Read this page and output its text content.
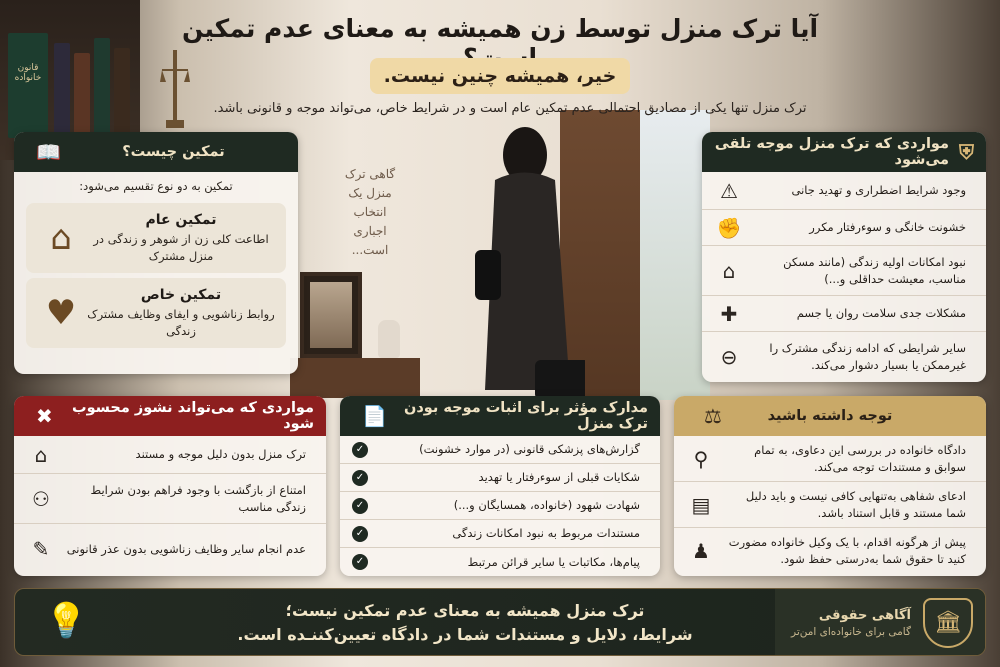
قانون خانواده
گاهی ترک منزل یک انتخاب اجباری است...
آیا ترک منزل توسط زن همیشه به معنای عدم تمکین
خیر، همیشه چنین نیست.
ترک منزل تنها یکی از مصادیق احتمالی عدم تمکین عام است و در شرایط خاص، می‌تواند موجه و قانونی باشد.
تمکین چیست؟
📖
تمکین به دو نوع تقسیم می‌شود:
تمکین عام
اطاعت کلی زن از شوهر و زندگی در منزل مشترک
⌂
تمکین خاص
روابط زناشویی و ایفای وظایف مشترک زندگی
♥
⛨
مواردی که ترک منزل موجه تلقی می‌شود
وجود شرایط اضطراری و تهدید جانی
⚠
خشونت خانگی و سوءرفتار مکرر
✊
نبود امکانات اولیه زندگی (مانند مسکن مناسب، معیشت حداقلی و...)
⌂
مشکلات جدی سلامت روان یا جسم
✚
سایر شرایطی که ادامه زندگی مشترک را غیرممکن یا بسیار دشوار می‌کند.
⊖
مواردی که می‌تواند نشوز محسوب شود
✖
ترک منزل بدون دلیل موجه و مستند
⌂
امتناع از بازگشت با وجود فراهم بودن شرایط زندگی مناسب
⚇
عدم انجام سایر وظایف زناشویی بدون عذر قانونی
✎
مدارک مؤثر برای اثبات موجه بودن ترک منزل
📄
گزارش‌های پزشکی قانونی (در موارد خشونت)
✓
شکایات قبلی از سوءرفتار یا تهدید
✓
شهادت شهود (خانواده، همسایگان و...)
✓
مستندات مربوط به نبود امکانات زندگی
✓
پیام‌ها، مکاتبات یا سایر قرائن مرتبط
✓
توجه داشته باشید
⚖
دادگاه خانواده در بررسی این دعاوی، به تمام سوابق و مستندات توجه می‌کند.
⚲
ادعای شفاهی به‌تنهایی کافی نیست و باید دلیل شما مستند و قابل استناد باشد.
▤
پیش از هرگونه اقدام، با یک وکیل خانواده مضورت کنید تا حقوق شما به‌درستی حفظ شود.
♟
🏛
آگاهی حقوقی
گامی برای خانواده‌ای امن‌تر
ترک منزل همیشه به معنای عدم تمکین نیست؛
شرایط، دلایل و مستندات شما در دادگاه تعیین‌کننـده است.
💡
